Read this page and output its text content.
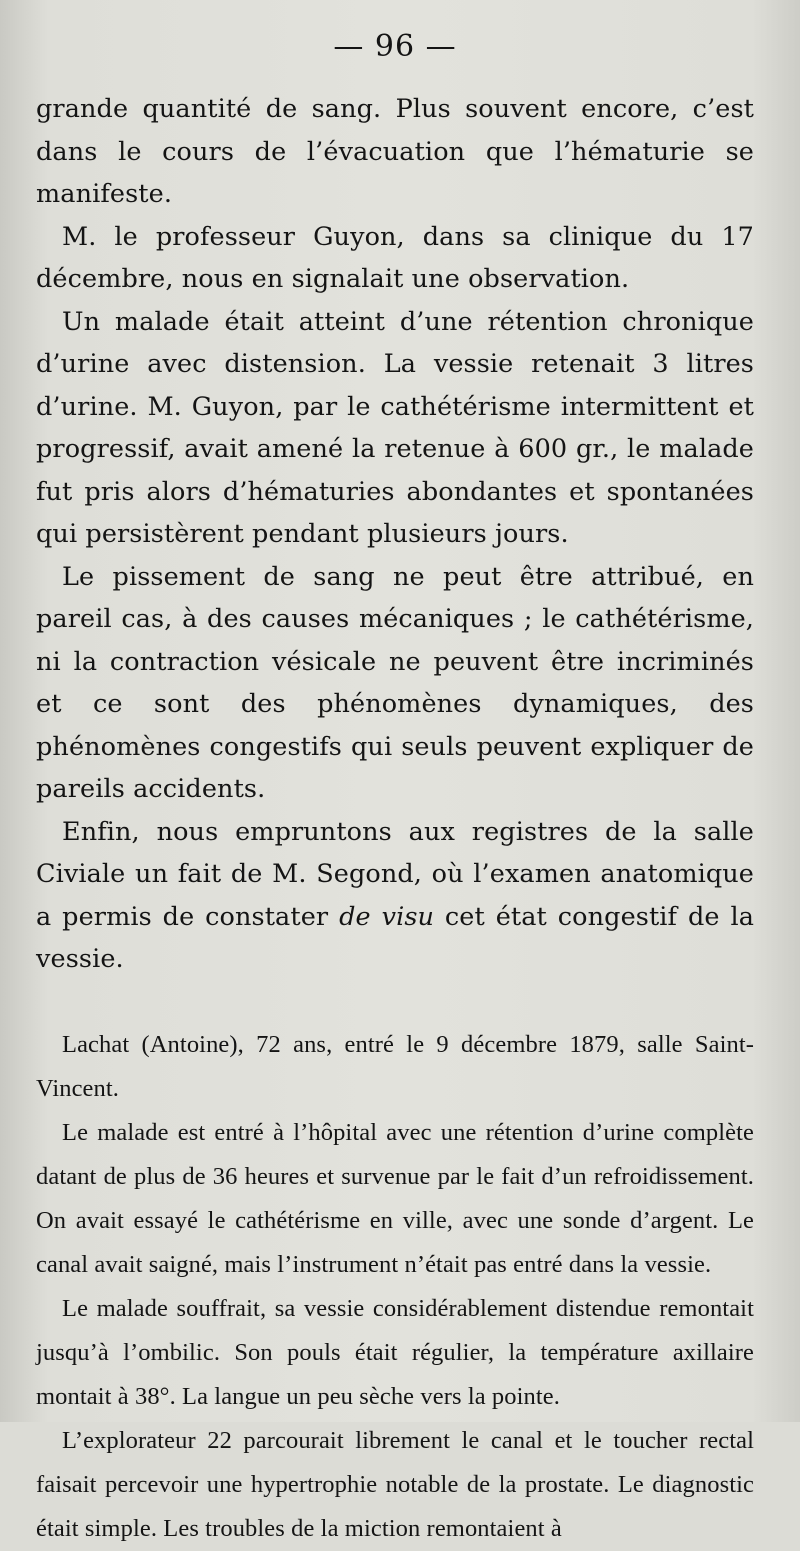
— 96 —

grande quantité de sang. Plus souvent encore, c’est dans le cours de l’évacuation que l’hématurie se manifeste.

M. le professeur Guyon, dans sa clinique du 17 décembre, nous en signalait une observation.

Un malade était atteint d’une rétention chronique d’urine avec distension. La vessie retenait 3 litres d’urine. M. Guyon, par le cathétérisme intermittent et progressif, avait amené la retenue à 600 gr., le malade fut pris alors d’hématuries abondantes et spontanées qui persistèrent pendant plusieurs jours.

Le pissement de sang ne peut être attribué, en pareil cas, à des causes mécaniques ; le cathétérisme, ni la contraction vésicale ne peuvent être incriminés et ce sont des phénomènes dynamiques, des phénomènes congestifs qui seuls peuvent expliquer de pareils accidents.

Enfin, nous empruntons aux registres de la salle Civiale un fait de M. Segond, où l’examen anatomique a permis de constater de visu cet état congestif de la vessie.

Lachat (Antoine), 72 ans, entré le 9 décembre 1879, salle Saint-Vincent.

Le malade est entré à l’hôpital avec une rétention d’urine complète datant de plus de 36 heures et survenue par le fait d’un refroidissement. On avait essayé le cathétérisme en ville, avec une sonde d’argent. Le canal avait saigné, mais l’instrument n’était pas entré dans la vessie.

Le malade souffrait, sa vessie considérablement distendue remontait jusqu’à l’ombilic. Son pouls était régulier, la température axillaire montait à 38°. La langue un peu sèche vers la pointe.

L’explorateur 22 parcourait librement le canal et le toucher rectal faisait percevoir une hypertrophie notable de la prostate. Le diagnostic était simple. Les troubles de la miction remontaient à
